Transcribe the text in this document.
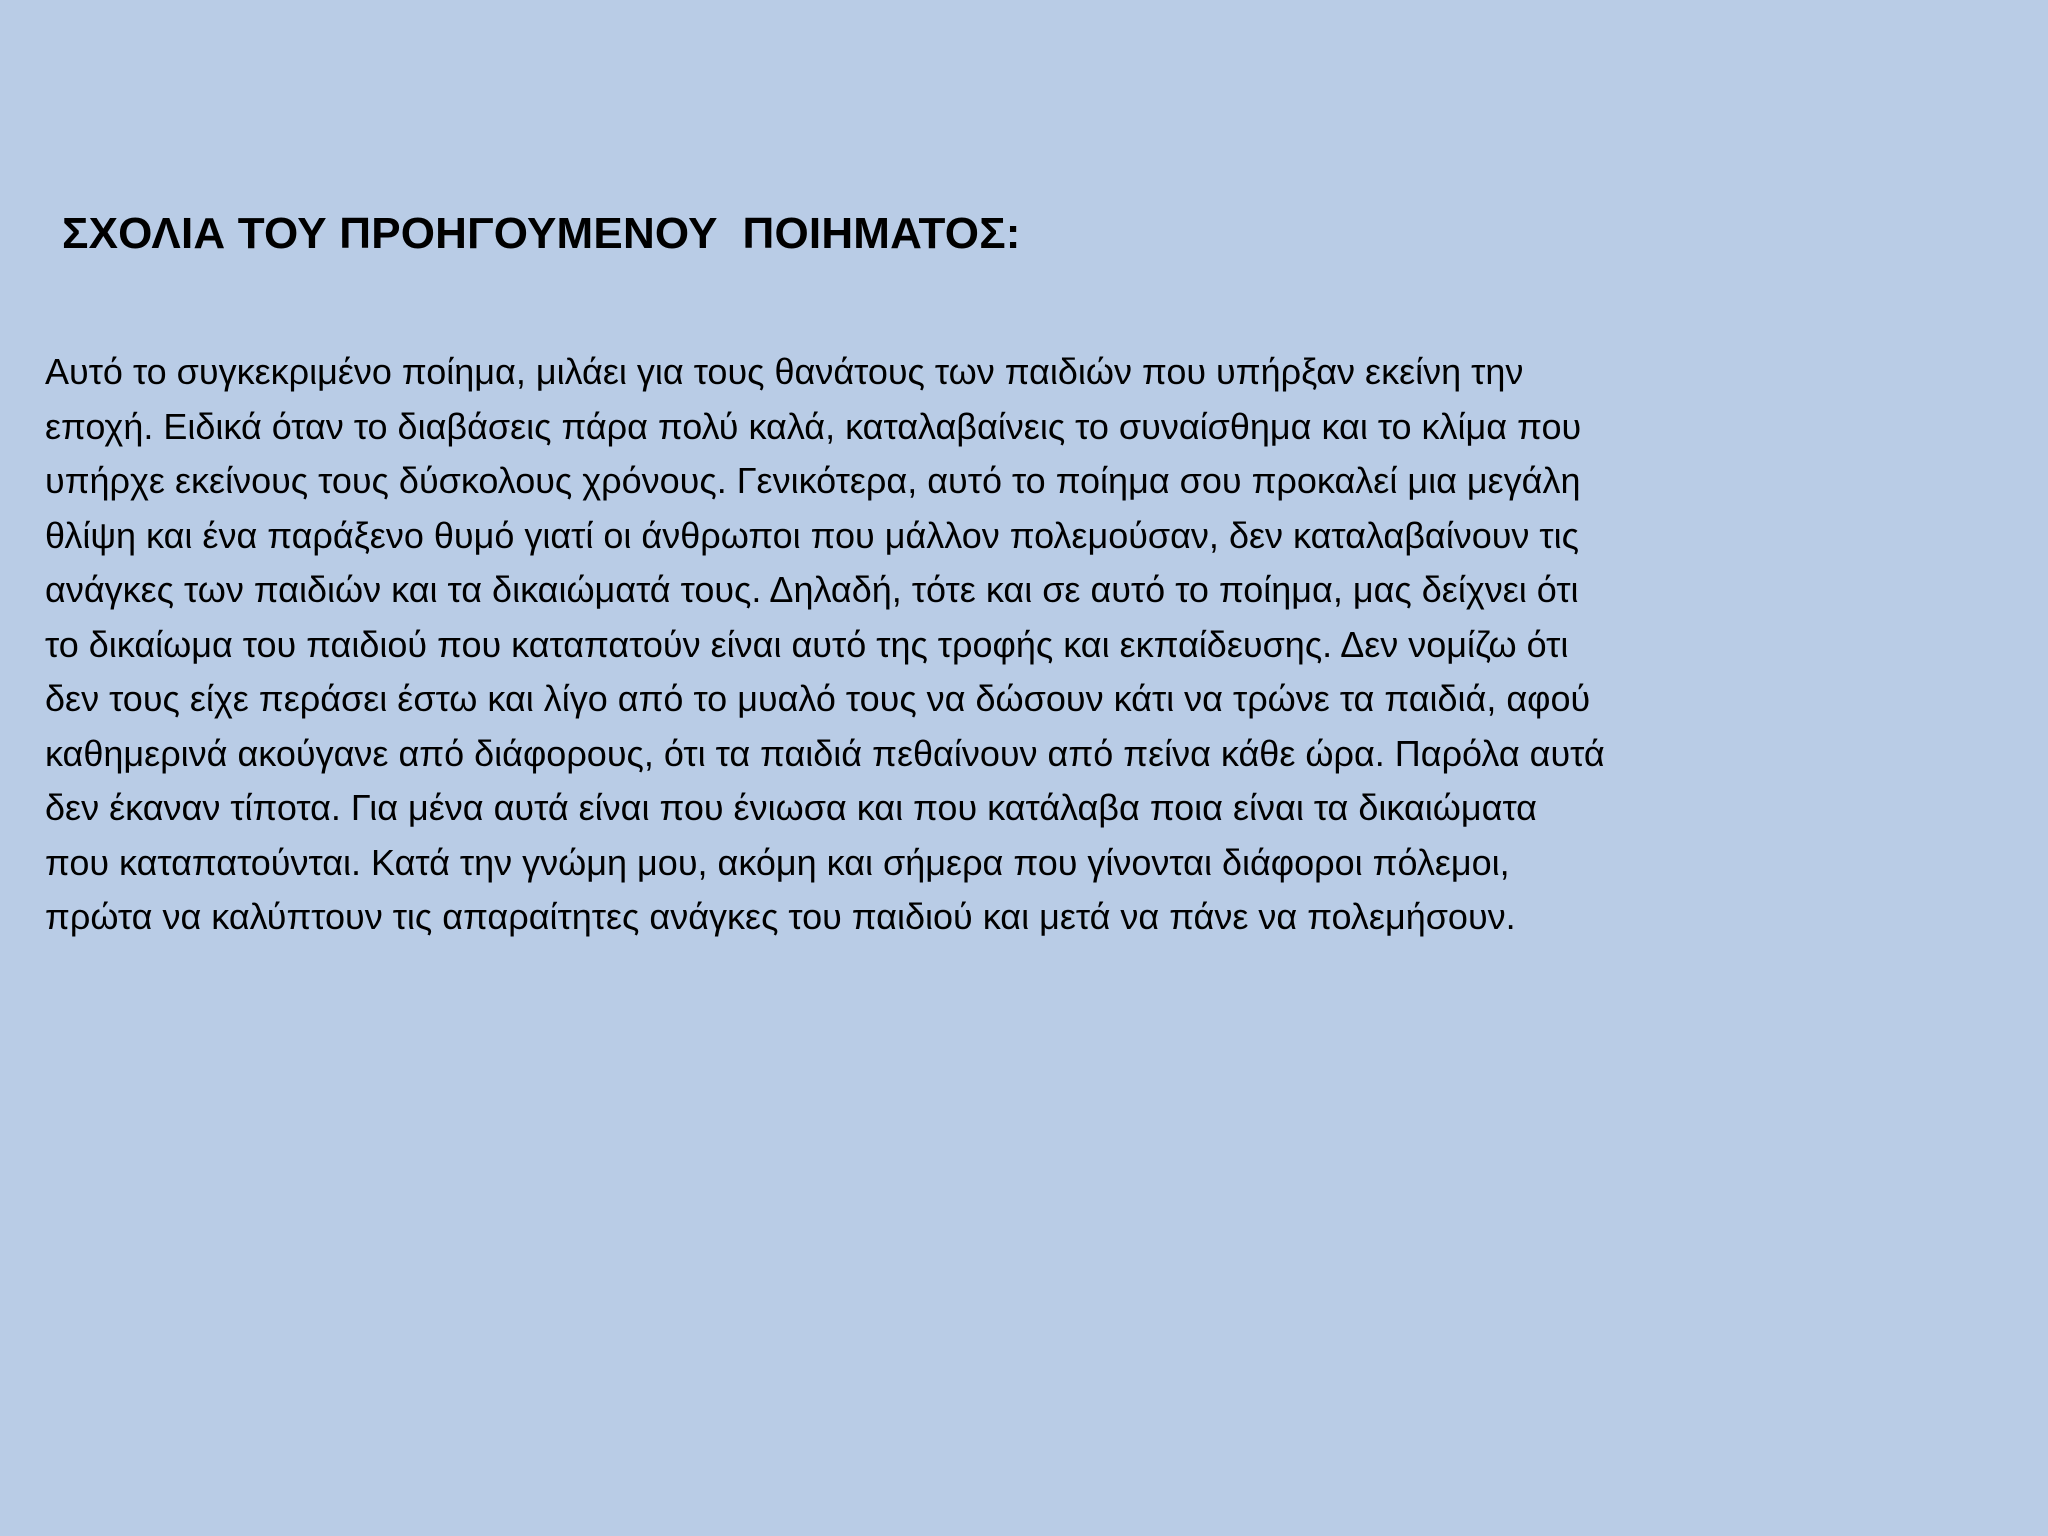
ΣΧΟΛΙΑ ΤΟΥ ΠΡΟΗΓΟΥΜΕΝΟΥ  ΠΟΙΗΜΑΤΟΣ:
Αυτό το συγκεκριμένο ποίημα, μιλάει για τους θανάτους των παιδιών που υπήρξαν εκείνη την
εποχή. Ειδικά όταν το διαβάσεις πάρα πολύ καλά, καταλαβαίνεις το συναίσθημα και το κλίμα που
υπήρχε εκείνους τους δύσκολους χρόνους. Γενικότερα, αυτό το ποίημα σου προκαλεί μια μεγάλη
θλίψη και ένα παράξενο θυμό γιατί οι άνθρωποι που μάλλον πολεμούσαν, δεν καταλαβαίνουν τις
ανάγκες των παιδιών και τα δικαιώματά τους. Δηλαδή, τότε και σε αυτό το ποίημα, μας δείχνει ότι
το δικαίωμα του παιδιού που καταπατούν είναι αυτό της τροφής και εκπαίδευσης. Δεν νομίζω ότι
δεν τους είχε περάσει έστω και λίγο από το μυαλό τους να δώσουν κάτι να τρώνε τα παιδιά, αφού
καθημερινά ακούγανε από διάφορους, ότι τα παιδιά πεθαίνουν από πείνα κάθε ώρα. Παρόλα αυτά
δεν έκαναν τίποτα. Για μένα αυτά είναι που ένιωσα και που κατάλαβα ποια είναι τα δικαιώματα
που καταπατούνται. Κατά την γνώμη μου, ακόμη και σήμερα που γίνονται διάφοροι πόλεμοι,
πρώτα να καλύπτουν τις απαραίτητες ανάγκες του παιδιού και μετά να πάνε να πολεμήσουν.
